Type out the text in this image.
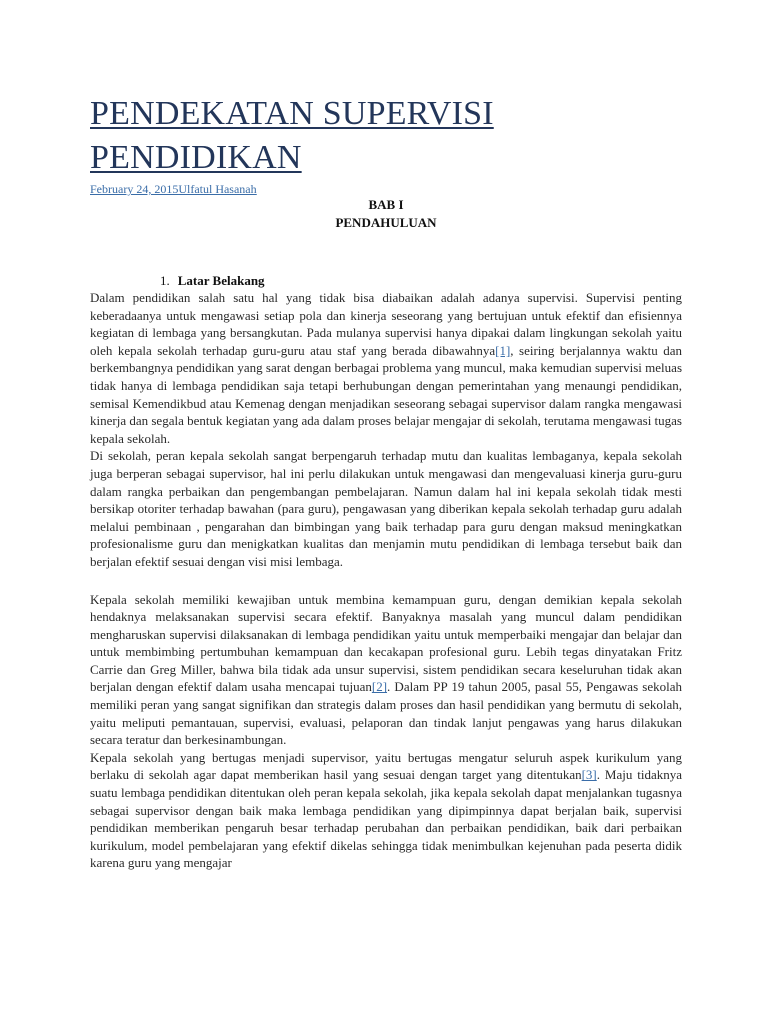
PENDEKATAN SUPERVISI PENDIDIKAN
February 24, 2015Ulfatul Hasanah
BAB I
PENDAHULUAN
1. Latar Belakang

Dalam pendidikan salah satu hal yang tidak bisa diabaikan adalah adanya supervisi. Supervisi penting keberadaanya untuk mengawasi setiap pola dan kinerja seseorang yang bertujuan untuk efektif dan efisiennya kegiatan di lembaga yang bersangkutan. Pada mulanya supervisi hanya dipakai dalam lingkungan sekolah yaitu oleh kepala sekolah terhadap guru-guru atau staf yang berada dibawahnya[1], seiring berjalannya waktu dan berkembangnya pendidikan yang sarat dengan berbagai problema yang muncul, maka kemudian supervisi meluas tidak hanya di lembaga pendidikan saja tetapi berhubungan dengan pemerintahan yang menaungi pendidikan, semisal Kemendikbud atau Kemenag dengan menjadikan seseorang sebagai supervisor dalam rangka mengawasi kinerja dan segala bentuk kegiatan yang ada dalam proses belajar mengajar di sekolah, terutama mengawasi tugas kepala sekolah.

Di sekolah, peran kepala sekolah sangat berpengaruh terhadap mutu dan kualitas lembaganya, kepala sekolah juga berperan sebagai supervisor, hal ini perlu dilakukan untuk mengawasi dan mengevaluasi kinerja guru-guru dalam rangka perbaikan dan pengembangan pembelajaran. Namun dalam hal ini kepala sekolah tidak mesti bersikap otoriter terhadap bawahan (para guru), pengawasan yang diberikan kepala sekolah terhadap guru adalah melalui pembinaan , pengarahan dan bimbingan yang baik terhadap para guru dengan maksud meningkatkan profesionalisme guru dan menigkatkan kualitas dan menjamin mutu pendidikan di lembaga tersebut baik dan berjalan efektif sesuai dengan visi misi lembaga.

Kepala sekolah memiliki kewajiban untuk membina kemampuan guru, dengan demikian kepala sekolah hendaknya melaksanakan supervisi secara efektif. Banyaknya masalah yang muncul dalam pendidikan mengharuskan supervisi dilaksanakan di lembaga pendidikan yaitu untuk memperbaiki mengajar dan belajar dan untuk membimbing pertumbuhan kemampuan dan kecakapan profesional guru. Lebih tegas dinyatakan Fritz Carrie dan Greg Miller, bahwa bila tidak ada unsur supervisi, sistem pendidikan secara keseluruhan tidak akan berjalan dengan efektif dalam usaha mencapai tujuan[2]. Dalam PP 19 tahun 2005, pasal 55, Pengawas sekolah memiliki peran yang sangat signifikan dan strategis dalam proses dan hasil pendidikan yang bermutu di sekolah, yaitu meliputi pemantauan, supervisi, evaluasi, pelaporan dan tindak lanjut pengawas yang harus dilakukan secara teratur dan berkesinambungan.

Kepala sekolah yang bertugas menjadi supervisor, yaitu bertugas mengatur seluruh aspek kurikulum yang berlaku di sekolah agar dapat memberikan hasil yang sesuai dengan target yang ditentukan[3]. Maju tidaknya suatu lembaga pendidikan ditentukan oleh peran kepala sekolah, jika kepala sekolah dapat menjalankan tugasnya sebagai supervisor dengan baik maka lembaga pendidikan yang dipimpinnya dapat berjalan baik, supervisi pendidikan memberikan pengaruh besar terhadap perubahan dan perbaikan pendidikan, baik dari perbaikan kurikulum, model pembelajaran yang efektif dikelas sehingga tidak menimbulkan kejenuhan pada peserta didik karena guru yang mengajar
